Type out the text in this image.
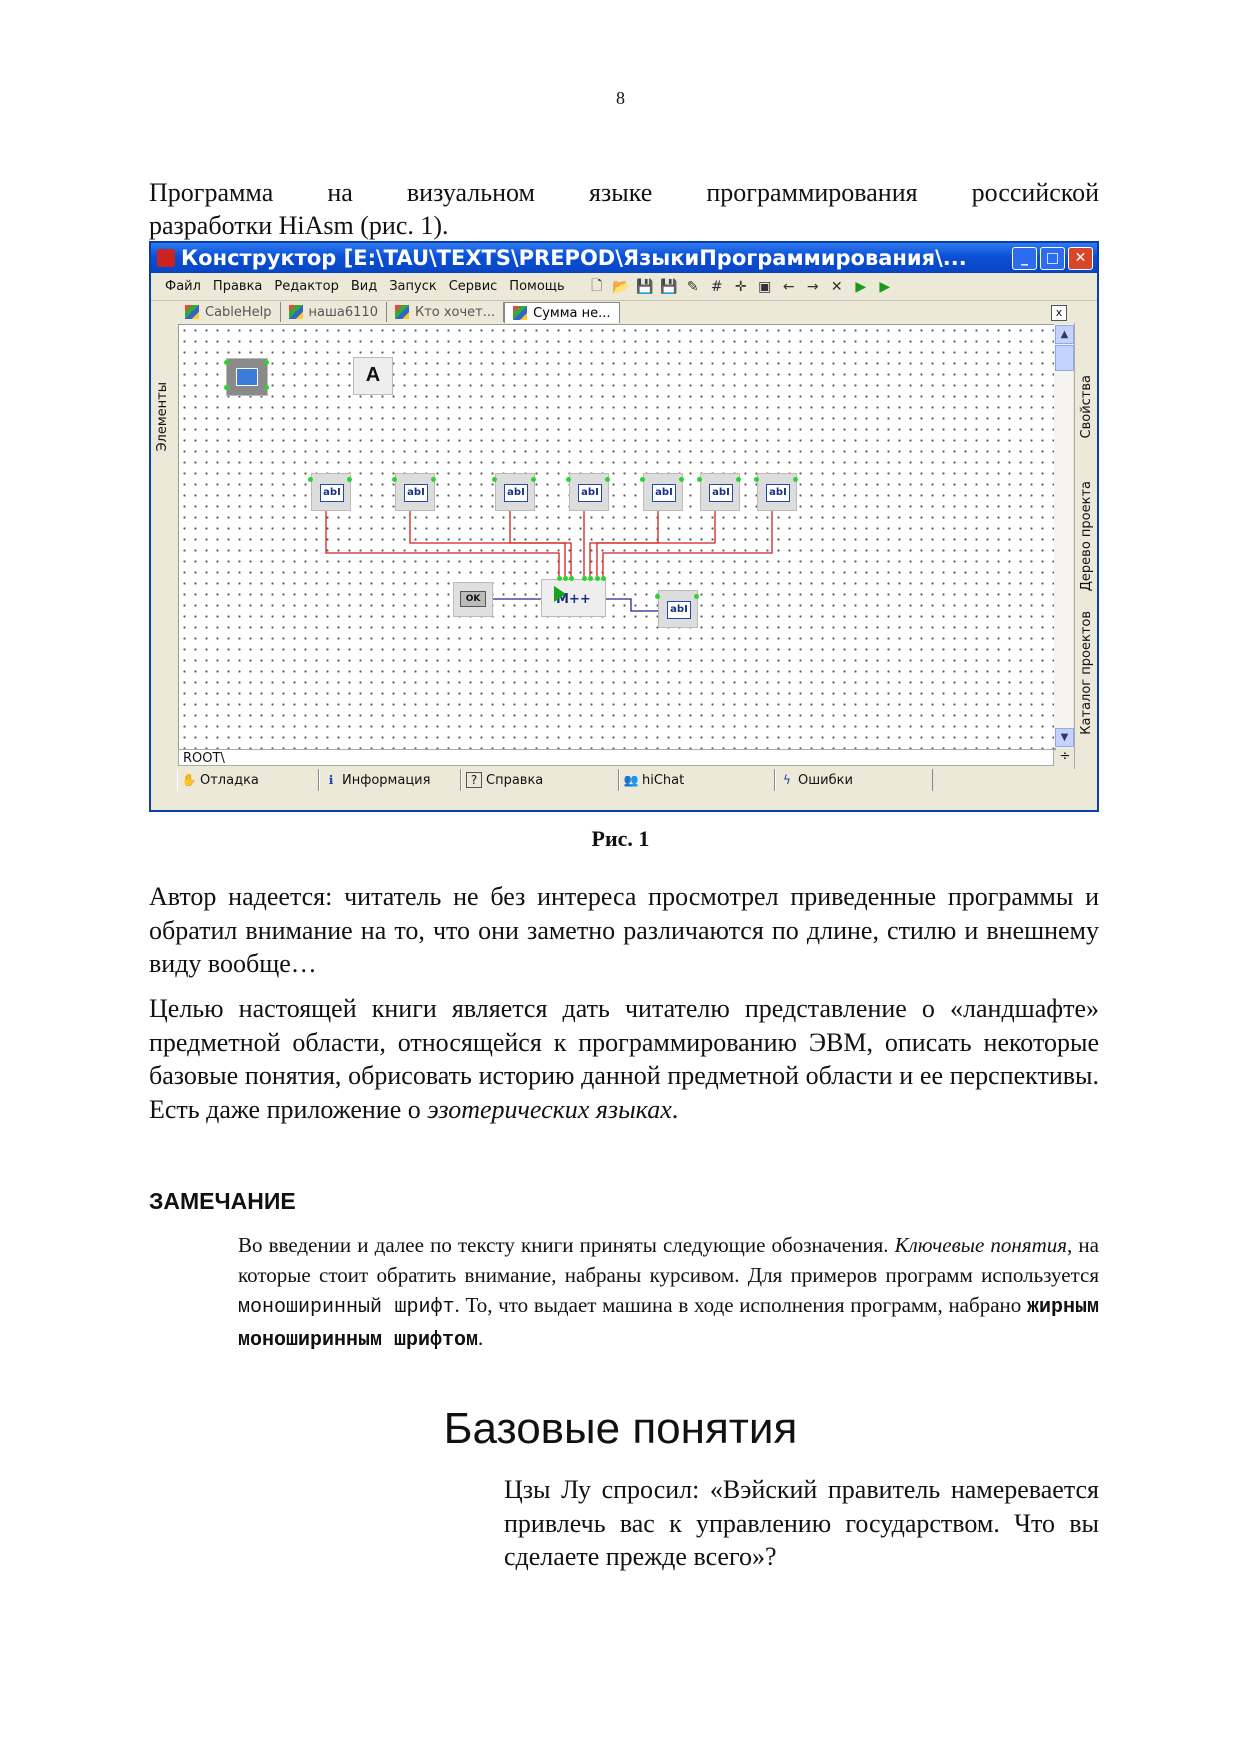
8
Программа на визуальном языке программирования российской
разработки HiAsm (рис. 1).
Конструктор [E:\TAU\TEXTS\PREPOD\ЯзыкиПрограммирования\...	_	□	✕
Файл Правка Редактор Вид Запуск Сервис Помощь 🗋 📂 💾 💾 ✎ # ✛ ▣ ← → ✕ ▶ ▶
Элементы
CableHelp	наша6110	Кто хочет...	Сумма не...	x
A
abI	abI	abI	abI	abI	abI	abI
OK	M++
abI
▲
▼
Свойства
Дерево проекта
Каталог проектов
ROOT\	÷
✋ Отладка	ℹ Информация	? Справка	👥 hiChat	ϟ Ошибки
Рис. 1
Автор надеется: читатель не без интереса просмотрел приведенные программы и обратил внимание на то, что они заметно различаются по длине, стилю и внешнему виду вообще…
Целью настоящей книги является дать читателю представление о «ландшафте» предметной области, относящейся к программированию ЭВМ, описать некоторые базовые понятия, обрисовать историю данной предметной области и ее перспективы. Есть даже приложение о эзотерических языках.
ЗАМЕЧАНИЕ
Во введении и далее по тексту книги приняты следующие обозначения. Ключевые понятия, на которые стоит обратить внимание, набраны курсивом. Для примеров программ используется моноширинный шрифт. То, что выдает машина в ходе исполнения программ, набрано жирным моноширинным шрифтом.
Базовые понятия
Цзы Лу спросил: «Вэйский правитель намеревается привлечь вас к управлению государством. Что вы сделаете прежде всего»?
